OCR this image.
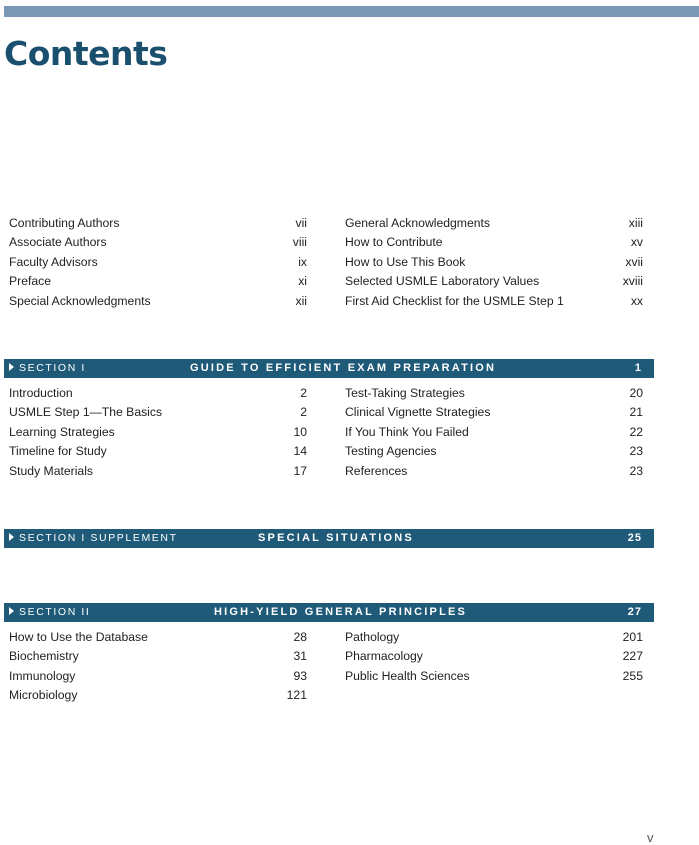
Contents
Contributing Authors	vii
Associate Authors	viii
Faculty Advisors	ix
Preface	xi
Special Acknowledgments	xii
General Acknowledgments	xiii
How to Contribute	xv
How to Use This Book	xvii
Selected USMLE Laboratory Values	xviii
First Aid Checklist for the USMLE Step 1	xx
SECTION I	GUIDE TO EFFICIENT EXAM PREPARATION	1
Introduction	2
USMLE Step 1—The Basics	2
Learning Strategies	10
Timeline for Study	14
Study Materials	17
Test-Taking Strategies	20
Clinical Vignette Strategies	21
If You Think You Failed	22
Testing Agencies	23
References	23
SECTION I SUPPLEMENT	SPECIAL SITUATIONS	25
SECTION II	HIGH-YIELD GENERAL PRINCIPLES	27
How to Use the Database	28
Biochemistry	31
Immunology	93
Microbiology	121
Pathology	201
Pharmacology	227
Public Health Sciences	255
v
